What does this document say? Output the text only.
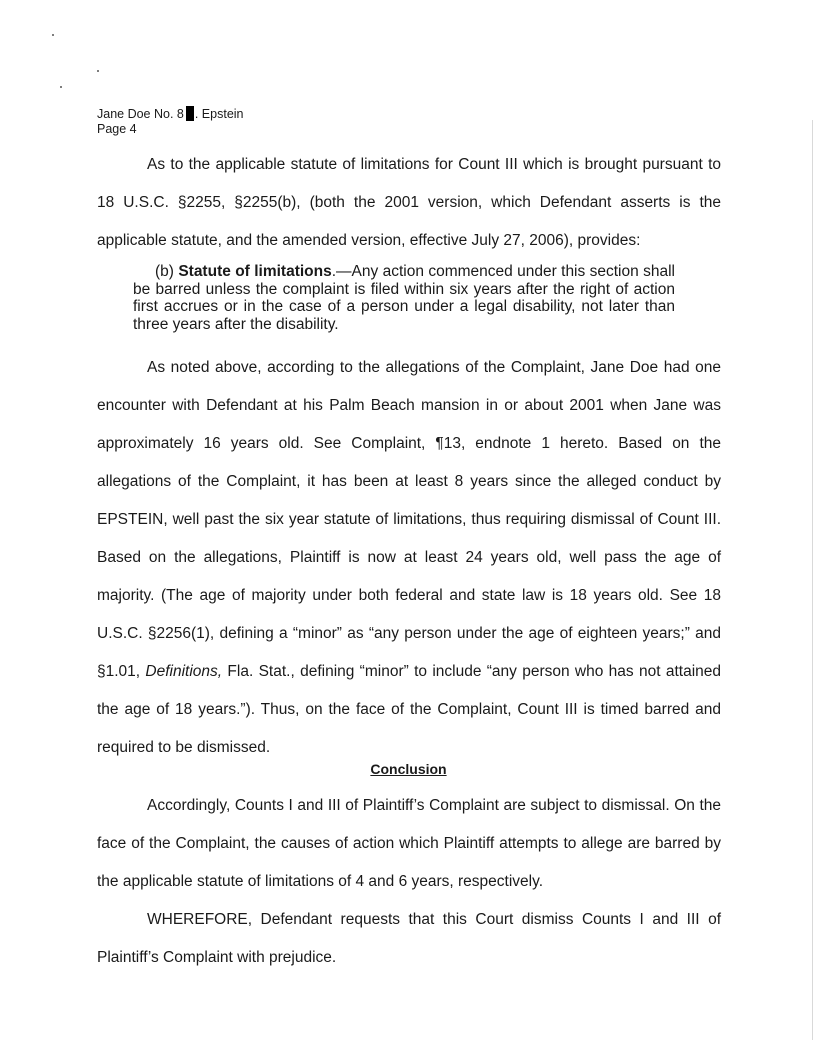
Jane Doe No. 8 . Epstein
Page 4

As to the applicable statute of limitations for Count III which is brought pursuant to 18 U.S.C. §2255, §2255(b), (both the 2001 version, which Defendant asserts is the applicable statute, and the amended version, effective July 27, 2006), provides:

(b) Statute of limitations.—Any action commenced under this section shall be barred unless the complaint is filed within six years after the right of action first accrues or in the case of a person under a legal disability, not later than three years after the disability.

As noted above, according to the allegations of the Complaint, Jane Doe had one encounter with Defendant at his Palm Beach mansion in or about 2001 when Jane was approximately 16 years old. See Complaint, ¶13, endnote 1 hereto. Based on the allegations of the Complaint, it has been at least 8 years since the alleged conduct by EPSTEIN, well past the six year statute of limitations, thus requiring dismissal of Count III. Based on the allegations, Plaintiff is now at least 24 years old, well pass the age of majority. (The age of majority under both federal and state law is 18 years old. See 18 U.S.C. §2256(1), defining a “minor” as “any person under the age of eighteen years;” and §1.01, Definitions, Fla. Stat., defining “minor” to include “any person who has not attained the age of 18 years.”). Thus, on the face of the Complaint, Count III is timed barred and required to be dismissed.

Conclusion

Accordingly, Counts I and III of Plaintiff’s Complaint are subject to dismissal. On the face of the Complaint, the causes of action which Plaintiff attempts to allege are barred by the applicable statute of limitations of 4 and 6 years, respectively.

WHEREFORE, Defendant requests that this Court dismiss Counts I and III of Plaintiff’s Complaint with prejudice.
